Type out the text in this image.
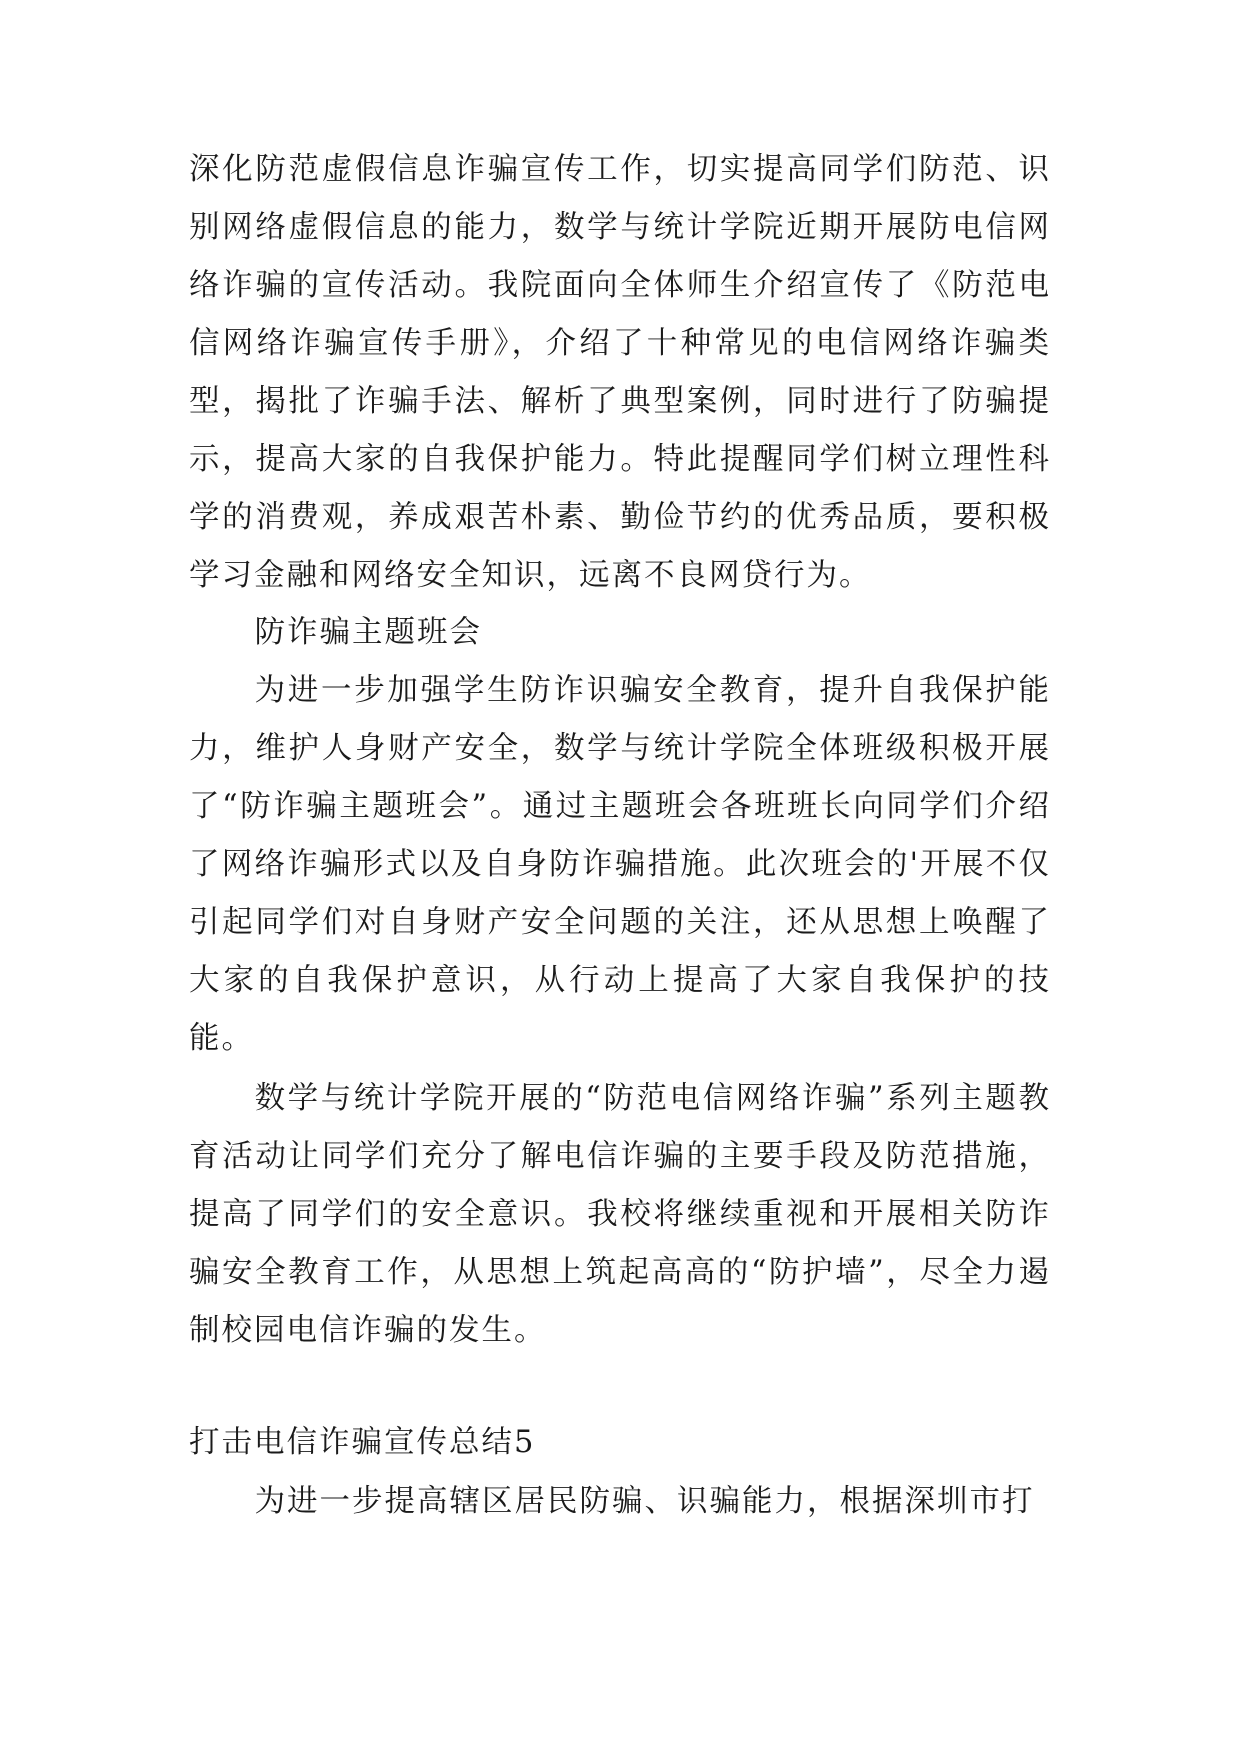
深化防范虚假信息诈骗宣传工作，切实提高同学们防范、识别网络虚假信息的能力，数学与统计学院近期开展防电信网络诈骗的宣传活动。我院面向全体师生介绍宣传了《防范电信网络诈骗宣传手册》，介绍了十种常见的电信网络诈骗类型，揭批了诈骗手法、解析了典型案例，同时进行了防骗提示，提高大家的自我保护能力。特此提醒同学们树立理性科学的消费观，养成艰苦朴素、勤俭节约的优秀品质，要积极学习金融和网络安全知识，远离不良网贷行为。

防诈骗主题班会

为进一步加强学生防诈识骗安全教育，提升自我保护能力，维护人身财产安全，数学与统计学院全体班级积极开展了“防诈骗主题班会”。通过主题班会各班班长向同学们介绍了网络诈骗形式以及自身防诈骗措施。此次班会的'开展不仅引起同学们对自身财产安全问题的关注，还从思想上唤醒了大家的自我保护意识，从行动上提高了大家自我保护的技能。

数学与统计学院开展的“防范电信网络诈骗”系列主题教育活动让同学们充分了解电信诈骗的主要手段及防范措施，提高了同学们的安全意识。我校将继续重视和开展相关防诈骗安全教育工作，从思想上筑起高高的“防护墙”，尽全力遏制校园电信诈骗的发生。

打击电信诈骗宣传总结5

为进一步提高辖区居民防骗、识骗能力，根据深圳市打
